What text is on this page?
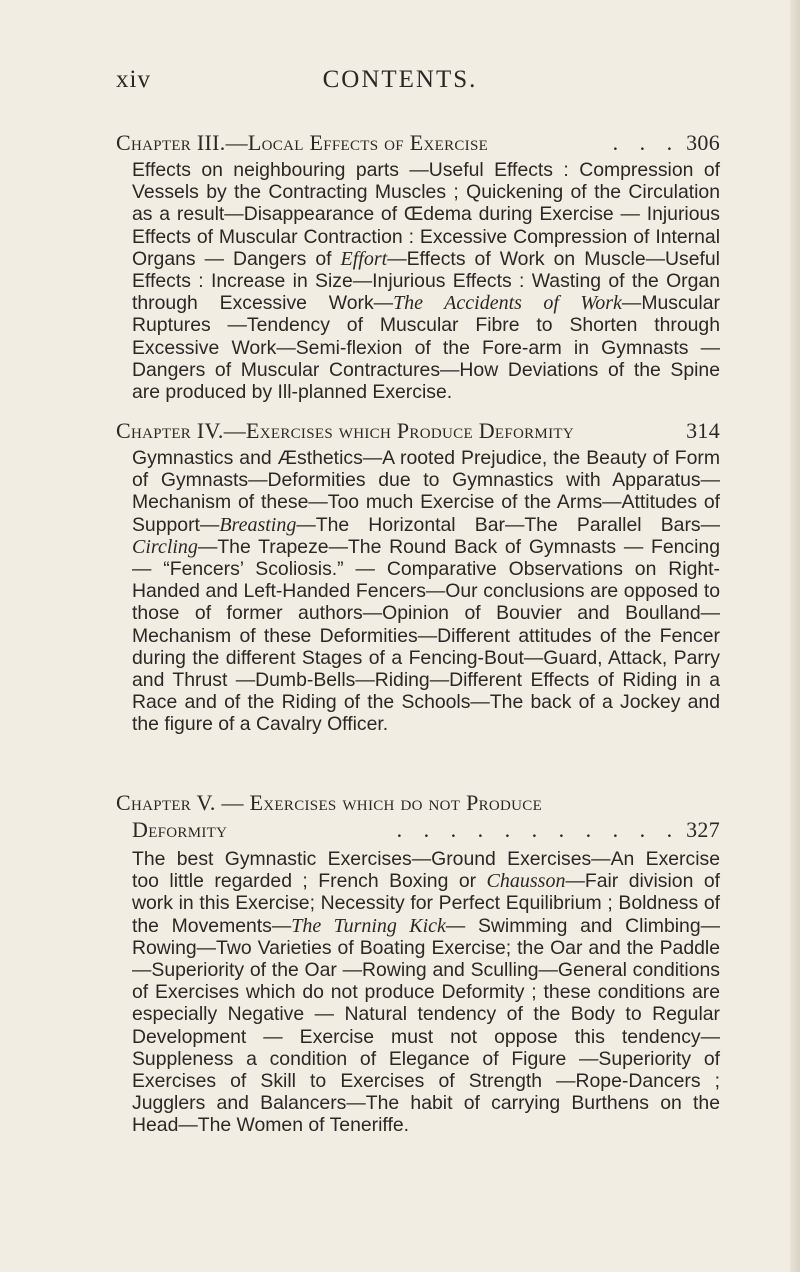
xiv	CONTENTS.
Chapter III.—Local Effects of Exercise	. . . 306

Effects on neighbouring parts —Useful Effects : Compression of Vessels by the Contracting Muscles ; Quickening of the Circulation as a result—Disappearance of Œdema during Exercise — Injurious Effects of Muscular Contraction : Excessive Compression of Internal Organs — Dangers of Effort—Effects of Work on Muscle—Useful Effects : Increase in Size—Injurious Effects : Wasting of the Organ through Excessive Work—The Accidents of Work—Muscular Ruptures —Tendency of Muscular Fibre to Shorten through Excessive Work—Semi-flexion of the Fore-arm in Gymnasts — Dangers of Muscular Contractures—How Deviations of the Spine are produced by Ill-planned Exercise.

Chapter IV.—Exercises which Produce Deformity	314

Gymnastics and Æsthetics—A rooted Prejudice, the Beauty of Form of Gymnasts—Deformities due to Gymnastics with Apparatus—Mechanism of these—Too much Exercise of the Arms—Attitudes of Support—Breasting—The Horizontal Bar—The Parallel Bars—Circling—The Trapeze—The Round Back of Gymnasts — Fencing — “Fencers’ Scoliosis.” — Comparative Observations on Right-Handed and Left-Handed Fencers—Our conclusions are opposed to those of former authors—Opinion of Bouvier and Boulland—Mechanism of these Deformities—Different attitudes of the Fencer during the different Stages of a Fencing-Bout—Guard, Attack, Parry and Thrust —Dumb-Bells—Riding—Different Effects of Riding in a Race and of the Riding of the Schools—The back of a Jockey and the figure of a Cavalry Officer.

Chapter V. — Exercises which do not Produce
Deformity	. . . . . . . . . . . 327

The best Gymnastic Exercises—Ground Exercises—An Exercise too little regarded ; French Boxing or Chausson—Fair division of work in this Exercise; Necessity for Perfect Equilibrium ; Boldness of the Movements—The Turning Kick— Swimming and Climbing—Rowing—Two Varieties of Boating Exercise; the Oar and the Paddle—Superiority of the Oar —Rowing and Sculling—General conditions of Exercises which do not produce Deformity ; these conditions are especially Negative — Natural tendency of the Body to Regular Development — Exercise must not oppose this tendency—Suppleness a condition of Elegance of Figure —Superiority of Exercises of Skill to Exercises of Strength —Rope-Dancers ; Jugglers and Balancers—The habit of carrying Burthens on the Head—The Women of Teneriffe.
